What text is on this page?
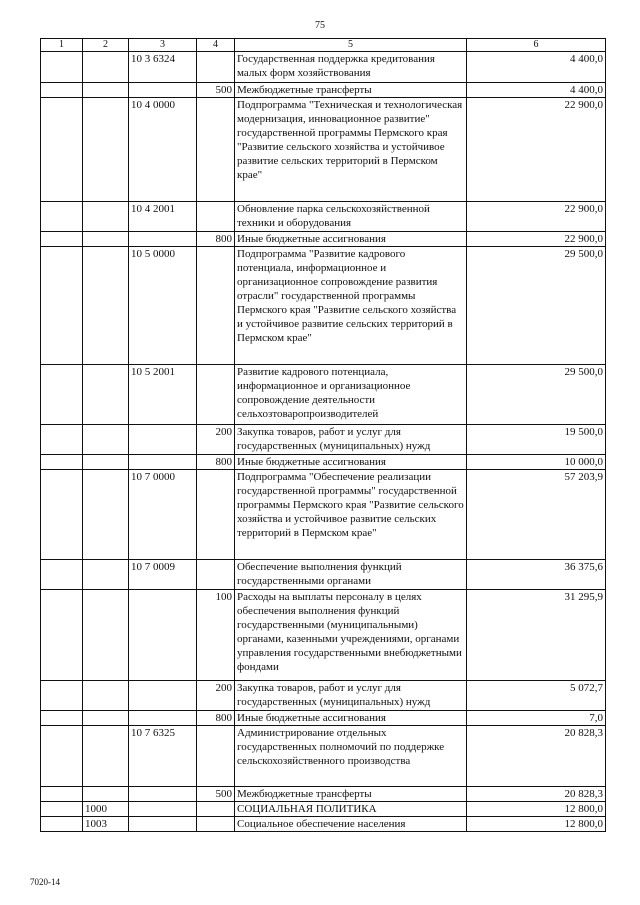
75
1	2	3	4	5	6
		10 3 6324		Государственная поддержка кредитования малых форм хозяйствования	4 400,0
			500	Межбюджетные трансферты	4 400,0
		10 4 0000		Подпрограмма "Техническая и технологическая модернизация, инновационное развитие" государственной программы Пермского края "Развитие сельского хозяйства и устойчивое развитие сельских территорий в Пермском крае"	22 900,0
		10 4 2001		Обновление парка сельскохозяйственной техники и оборудования	22 900,0
			800	Иные бюджетные ассигнования	22 900,0
		10 5 0000		Подпрограмма "Развитие кадрового потенциала, информационное и организационное сопровождение развития отрасли" государственной программы Пермского края "Развитие сельского хозяйства и устойчивое развитие сельских территорий в Пермском крае"	29 500,0
		10 5 2001		Развитие кадрового потенциала, информационное и организационное сопровождение деятельности сельхозтоваропроизводителей	29 500,0
			200	Закупка товаров, работ и услуг для государственных (муниципальных) нужд	19 500,0
			800	Иные бюджетные ассигнования	10 000,0
		10 7 0000		Подпрограмма "Обеспечение реализации государственной программы" государственной программы Пермского края "Развитие сельского хозяйства и устойчивое развитие сельских территорий в Пермском крае"	57 203,9
		10 7 0009		Обеспечение выполнения функций государственными органами	36 375,6
			100	Расходы на выплаты персоналу в целях обеспечения выполнения функций государственными (муниципальными) органами, казенными учреждениями, органами управления государственными внебюджетными фондами	31 295,9
			200	Закупка товаров, работ и услуг для государственных (муниципальных) нужд	5 072,7
			800	Иные бюджетные ассигнования	7,0
		10 7 6325		Администрирование отдельных государственных полномочий по поддержке сельскохозяйственного производства	20 828,3
			500	Межбюджетные трансферты	20 828,3
	1000			СОЦИАЛЬНАЯ ПОЛИТИКА	12 800,0
	1003			Социальное обеспечение населения	12 800,0
7020-14
